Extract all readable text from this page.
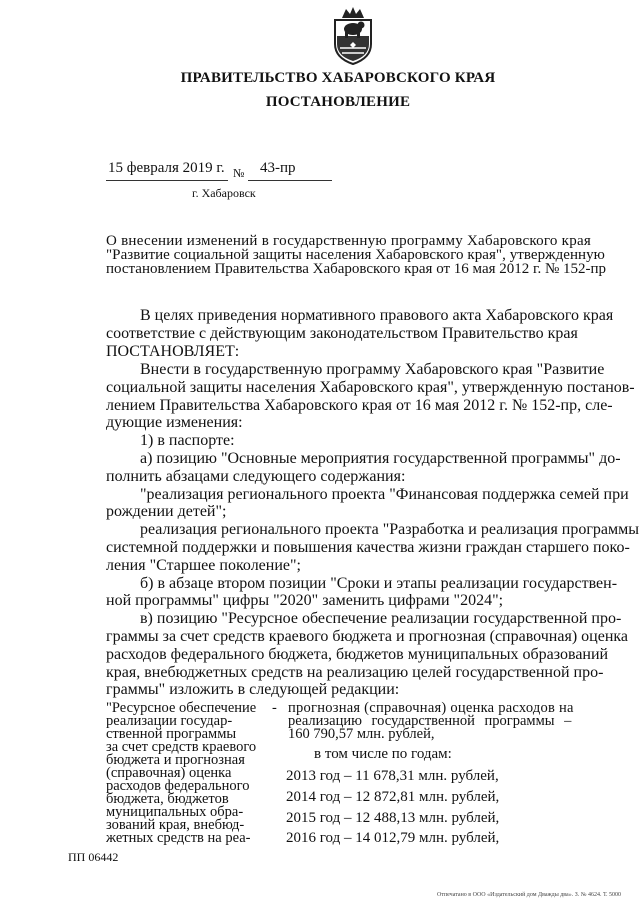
ПРАВИТЕЛЬСТВО ХАБАРОВСКОГО КРАЯ
ПОСТАНОВЛЕНИЕ
15 февраля 2019 г. № 43-пр
г. Хабаровск
О внесении изменений в государственную программу Хабаровского края
"Развитие социальной защиты населения Хабаровского края", утвержденную
постановлением Правительства Хабаровского края от 16 мая 2012 г. № 152-пр
В целях приведения нормативного правового акта Хабаровского края
соответствие с действующим законодательством Правительство края
ПОСТАНОВЛЯЕТ:
Внести в государственную программу Хабаровского края "Развитие
социальной защиты населения Хабаровского края", утвержденную постанов-
лением Правительства Хабаровского края от 16 мая 2012 г. № 152-пр, сле-
дующие изменения:
1) в паспорте:
а) позицию "Основные мероприятия государственной программы" до-
полнить абзацами следующего содержания:
"реализация регионального проекта "Финансовая поддержка семей при
рождении детей";
реализация регионального проекта "Разработка и реализация программы
системной поддержки и повышения качества жизни граждан старшего поко-
ления "Старшее поколение";
б) в абзаце втором позиции "Сроки и этапы реализации государствен-
ной программы" цифры "2020" заменить цифрами "2024";
в) позицию "Ресурсное обеспечение реализации государственной про-
граммы за счет средств краевого бюджета и прогнозная (справочная) оценка
расходов федерального бюджета, бюджетов муниципальных образований
края, внебюджетных средств на реализацию целей государственной про-
граммы" изложить в следующей редакции:
"Ресурсное обеспечение
реализации государ-
ственной программы
за счет средств краевого
бюджета и прогнозная
(справочная) оценка
расходов федерального
бюджета, бюджетов
муниципальных обра-
зований края, внебюд-
жетных средств на реа-
- прогнозная (справочная) оценка расходов на
реализацию государственной программы –
160 790,57 млн. рублей,
в том числе по годам:
2013 год – 11 678,31 млн. рублей,
2014 год – 12 872,81 млн. рублей,
2015 год – 12 488,13 млн. рублей,
2016 год – 14 012,79 млн. рублей,
ПП 06442
Отпечатано в ООО «Издательский дом Дважды два». З. № 4624. Т. 5000
